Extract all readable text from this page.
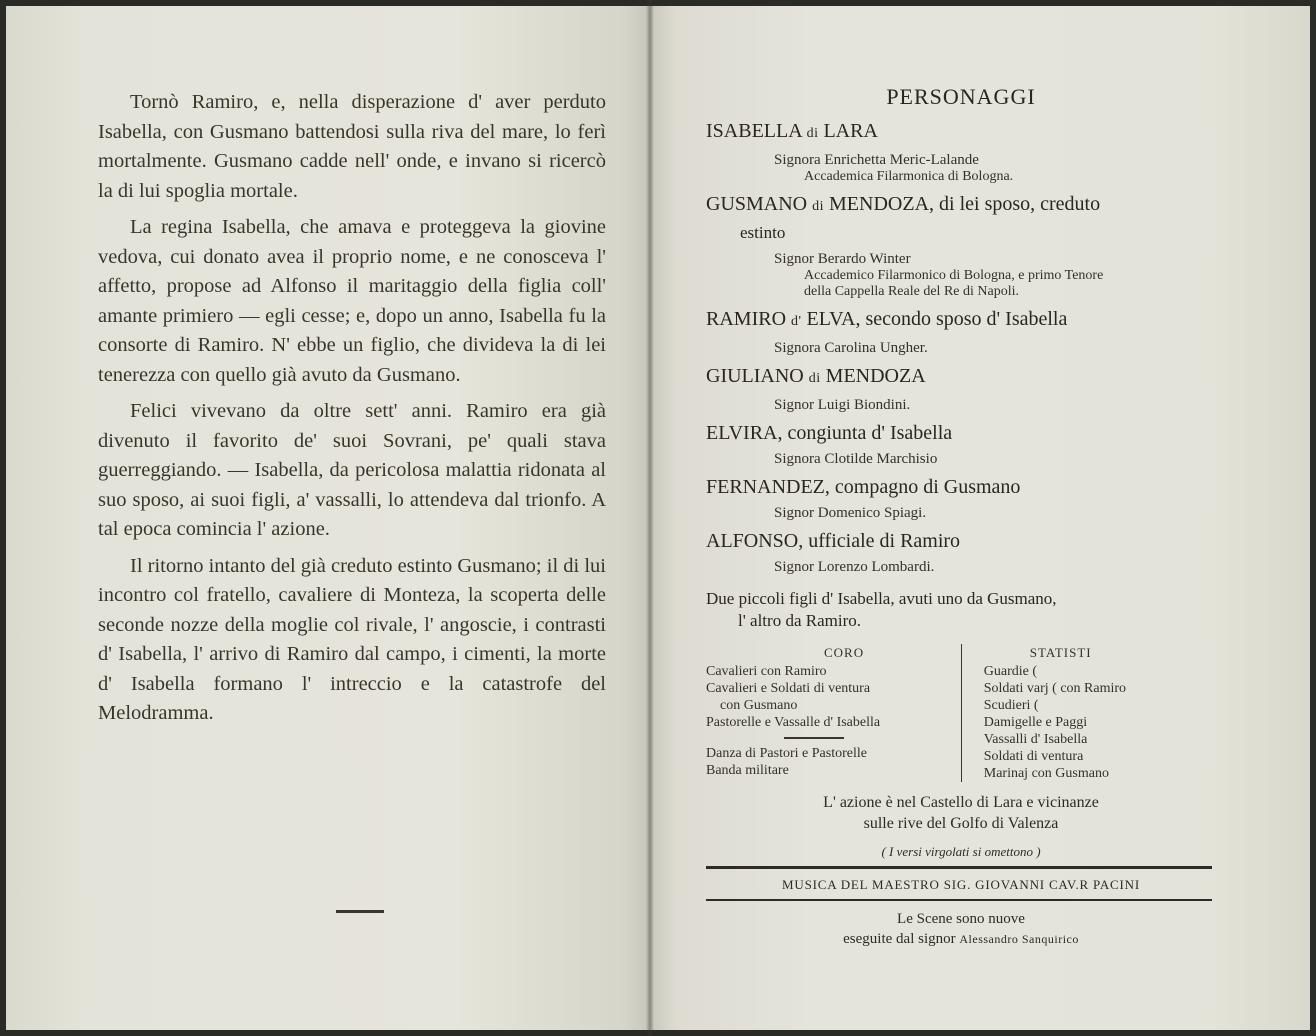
Tornò Ramiro, e, nella disperazione d' aver perduto Isabella, con Gusmano battendosi sulla riva del mare, lo ferì mortalmente. Gusmano cadde nell' onde, e invano si ricercò la di lui spoglia mortale.

La regina Isabella, che amava e proteggeva la giovine vedova, cui donato avea il proprio nome, e ne conosceva l' affetto, propose ad Alfonso il maritaggio della figlia coll' amante primiero — egli cesse; e, dopo un anno, Isabella fu la consorte di Ramiro. N' ebbe un figlio, che divideva la di lei tenerezza con quello già avuto da Gusmano.

Felici vivevano da oltre sett' anni. Ramiro era già divenuto il favorito de' suoi Sovrani, pe' quali stava guerreggiando. — Isabella, da pericolosa malattia ridonata al suo sposo, ai suoi figli, a' vassalli, lo attendeva dal trionfo. A tal epoca comincia l' azione.

Il ritorno intanto del già creduto estinto Gusmano; il di lui incontro col fratello, cavaliere di Monteza, la scoperta delle seconde nozze della moglie col rivale, l' angoscie, i contrasti d' Isabella, l' arrivo di Ramiro dal campo, i cimenti, la morte d' Isabella formano l' intreccio e la catastrofe del Melodramma.

PERSONAGGI
ISABELLA di LARA
Signora Enrichetta Meric-Lalande
Accademica Filarmonica di Bologna.
GUSMANO di MENDOZA, di lei sposo, creduto
estinto
Signor Berardo Winter
Accademico Filarmonico di Bologna, e primo Tenore
della Cappella Reale del Re di Napoli.
RAMIRO d' ELVA, secondo sposo d' Isabella
Signora Carolina Ungher.
GIULIANO di MENDOZA
Signor Luigi Biondini.
ELVIRA, congiunta d' Isabella
Signora Clotilde Marchisio
FERNANDEZ, compagno di Gusmano
Signor Domenico Spiagi.
ALFONSO, ufficiale di Ramiro
Signor Lorenzo Lombardi.
Due piccoli figli d' Isabella, avuti uno da Gusmano,
l' altro da Ramiro.
CORO
Cavalieri con Ramiro
Cavalieri e Soldati di ventura
con Gusmano
Pastorelle e Vassalle d' Isabella
Danza di Pastori e Pastorelle
Banda militare
STATISTI
Guardie (
Soldati varj ( con Ramiro
Scudieri (
Damigelle e Paggi
Vassalli d' Isabella
Soldati di ventura
Marinaj con Gusmano
L' azione è nel Castello di Lara e vicinanze
sulle rive del Golfo di Valenza
( I versi virgolati si omettono )
MUSICA DEL MAESTRO SIG. GIOVANNI CAV.R PACINI
Le Scene sono nuove
eseguite dal signor Alessandro Sanquirico
